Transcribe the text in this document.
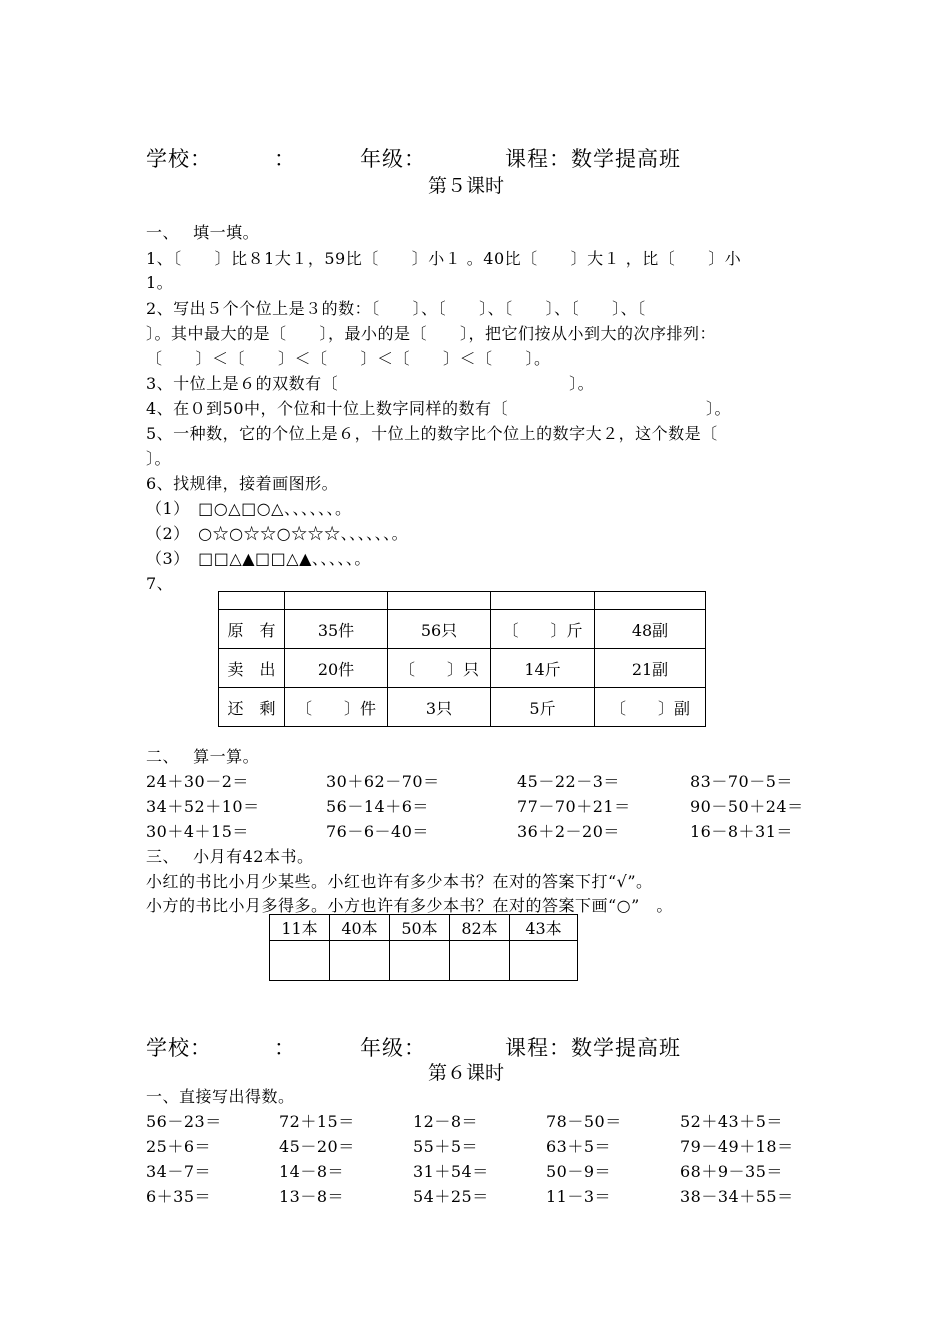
学校：	：	年级：	课程：数学提高班
第５课时
一、　 填一填。
1、〔　　〕比８1大１，59比〔　　〕小１ 。40比〔　　〕大１ ，比〔　　〕小
1。
2、写出５个个位上是３的数：〔　　〕、〔　　〕、〔　　〕、〔　　〕、〔
〕。其中最大的是〔　　〕，最小的是〔　　〕，把它们按从小到大的次序排列：
〔　　〕＜〔　　〕＜〔　　〕＜〔　　〕＜〔　　〕。
3、十位上是６的双数有〔　　　　　　　　　　　　　　〕。
4、在０到50中，个位和十位上数字同样的数有〔　　　　　　　　　　　　〕。
5、一种数，它的个位上是６，十位上的数字比个位上的数字大２，这个数是〔
〕。
6、找规律，接着画图形。
（1）　□○△□○△、、、、、、。
（2）　○☆○☆☆○☆☆☆、、、、、、。
（3）　□□△▲□□△▲、、、、、。
7、

原　有	35件	56只	〔　　〕斤	48副
卖　出	20件	〔　　〕只	14斤	21副
还　剩	〔　　〕件	3只	5斤	〔　　〕副
二、　 算一算。
24＋30－2＝	30＋62－70＝	45－22－3＝	83－70－5＝
34＋52＋10＝	56－14＋6＝	77－70＋21＝	90－50＋24＝
30＋4＋15＝	76－6－40＝	36＋2－20＝	16－8＋31＝
三、　 小月有42本书。
小红的书比小月少某些。小红也许有多少本书？在对的答案下打“√”。
小方的书比小月多得多。小方也许有多少本书？在对的答案下画“○”　。
11本	40本	50本	82本	43本

学校：	：	年级：	课程：数学提高班
第６课时
一、直接写出得数。
56－23＝	72＋15＝	12－8＝	78－50＝	52＋43＋5＝
25＋6＝	45－20＝	55＋5＝	63＋5＝	79－49＋18＝
34－7＝	14－8＝	31＋54＝	50－9＝	68＋9－35＝
6＋35＝	13－8＝	54＋25＝	11－3＝	38－34＋55＝
